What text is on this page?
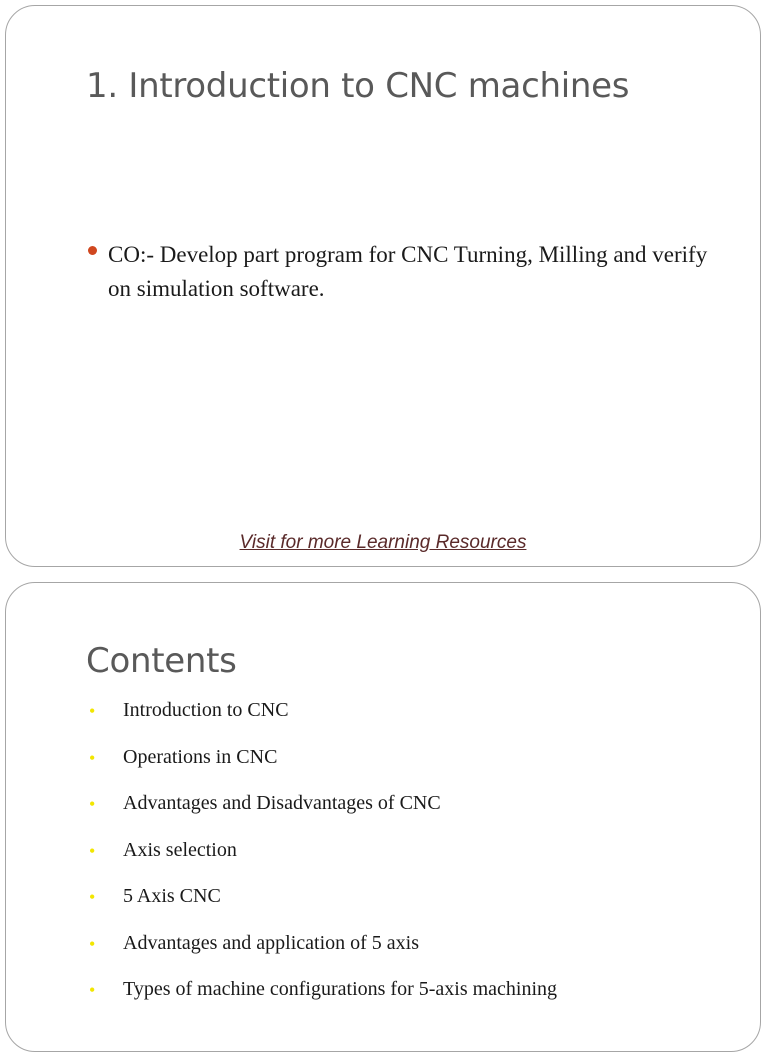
1. Introduction to CNC machines
CO:- Develop part program for CNC Turning, Milling and verify on simulation software.
Visit for more Learning Resources
Contents
• Introduction to CNC
• Operations in CNC
• Advantages and Disadvantages of CNC
• Axis selection
• 5 Axis CNC
• Advantages and application of 5 axis
• Types of machine configurations for 5-axis machining
